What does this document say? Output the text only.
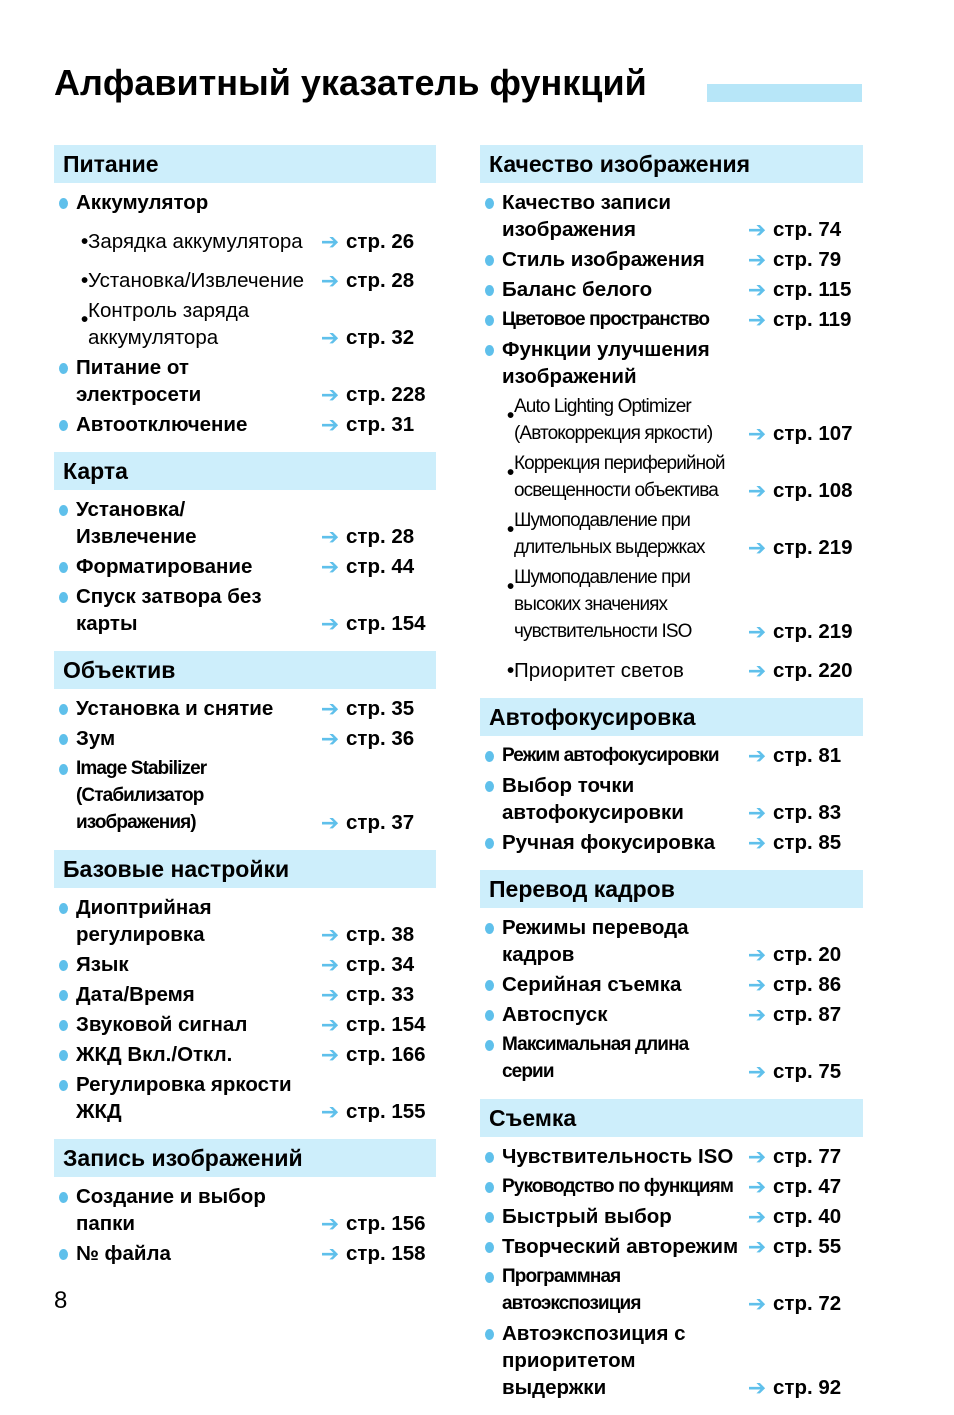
Алфавитный указатель функций
Питание
Аккумулятор
• Зарядка аккумулятора ➔ стр. 26
• Установка/Извлечение ➔ стр. 28
• Контроль заряда
аккумулятора	➔ стр. 32
Питание от
электросети	➔ стр. 228
Автоотключение	➔ стр. 31
Карта
Установка/
Извлечение	➔ стр. 28
Форматирование	➔ стр. 44
Спуск затвора без
карты	➔ стр. 154
Объектив
Установка и снятие	➔ стр. 35
Зум	➔ стр. 36
Image Stabilizer
(Стабилизатор изображения)	➔ стр. 37
Базовые настройки
Диоптрийная
регулировка	➔ стр. 38
Язык	➔ стр. 34
Дата/Время	➔ стр. 33
Звуковой сигнал	➔ стр. 154
ЖКД Вкл./Откл.	➔ стр. 166
Регулировка яркости
ЖКД	➔ стр. 155
Запись изображений
Создание и выбор
папки	➔ стр. 156
№ файла	➔ стр. 158
Качество изображения
Качество записи
изображения	➔ стр. 74
Стиль изображения	➔ стр. 79
Баланс белого	➔ стр. 115
Цветовое пространство	➔ стр. 119
Функции улучшения
изображений
• Auto Lighting Optimizer
(Автокоррекция яркости)	➔ стр. 107
• Коррекция периферийной
освещенности объектива	➔ стр. 108
• Шумоподавление при
длительных выдержках	➔ стр. 219
• Шумоподавление при
высоких значениях
чувствительности ISO	➔ стр. 219
• Приоритет светов	➔ стр. 220
Автофокусировка
Режим автофокусировки	➔ стр. 81
Выбор точки
автофокусировки	➔ стр. 83
Ручная фокусировка	➔ стр. 85
Перевод кадров
Режимы перевода
кадров	➔ стр. 20
Серийная съемка	➔ стр. 86
Автоспуск	➔ стр. 87
Максимальная длина серии	➔ стр. 75
Съемка
Чувствительность ISO ➔ стр. 77
Руководство по функциям ➔ стр. 47
Быстрый выбор	➔ стр. 40
Творческий авторежим ➔ стр. 55
Программная автоэкспозиция	➔ стр. 72
Автоэкспозиция с
приоритетом выдержки	➔ стр. 92
8
